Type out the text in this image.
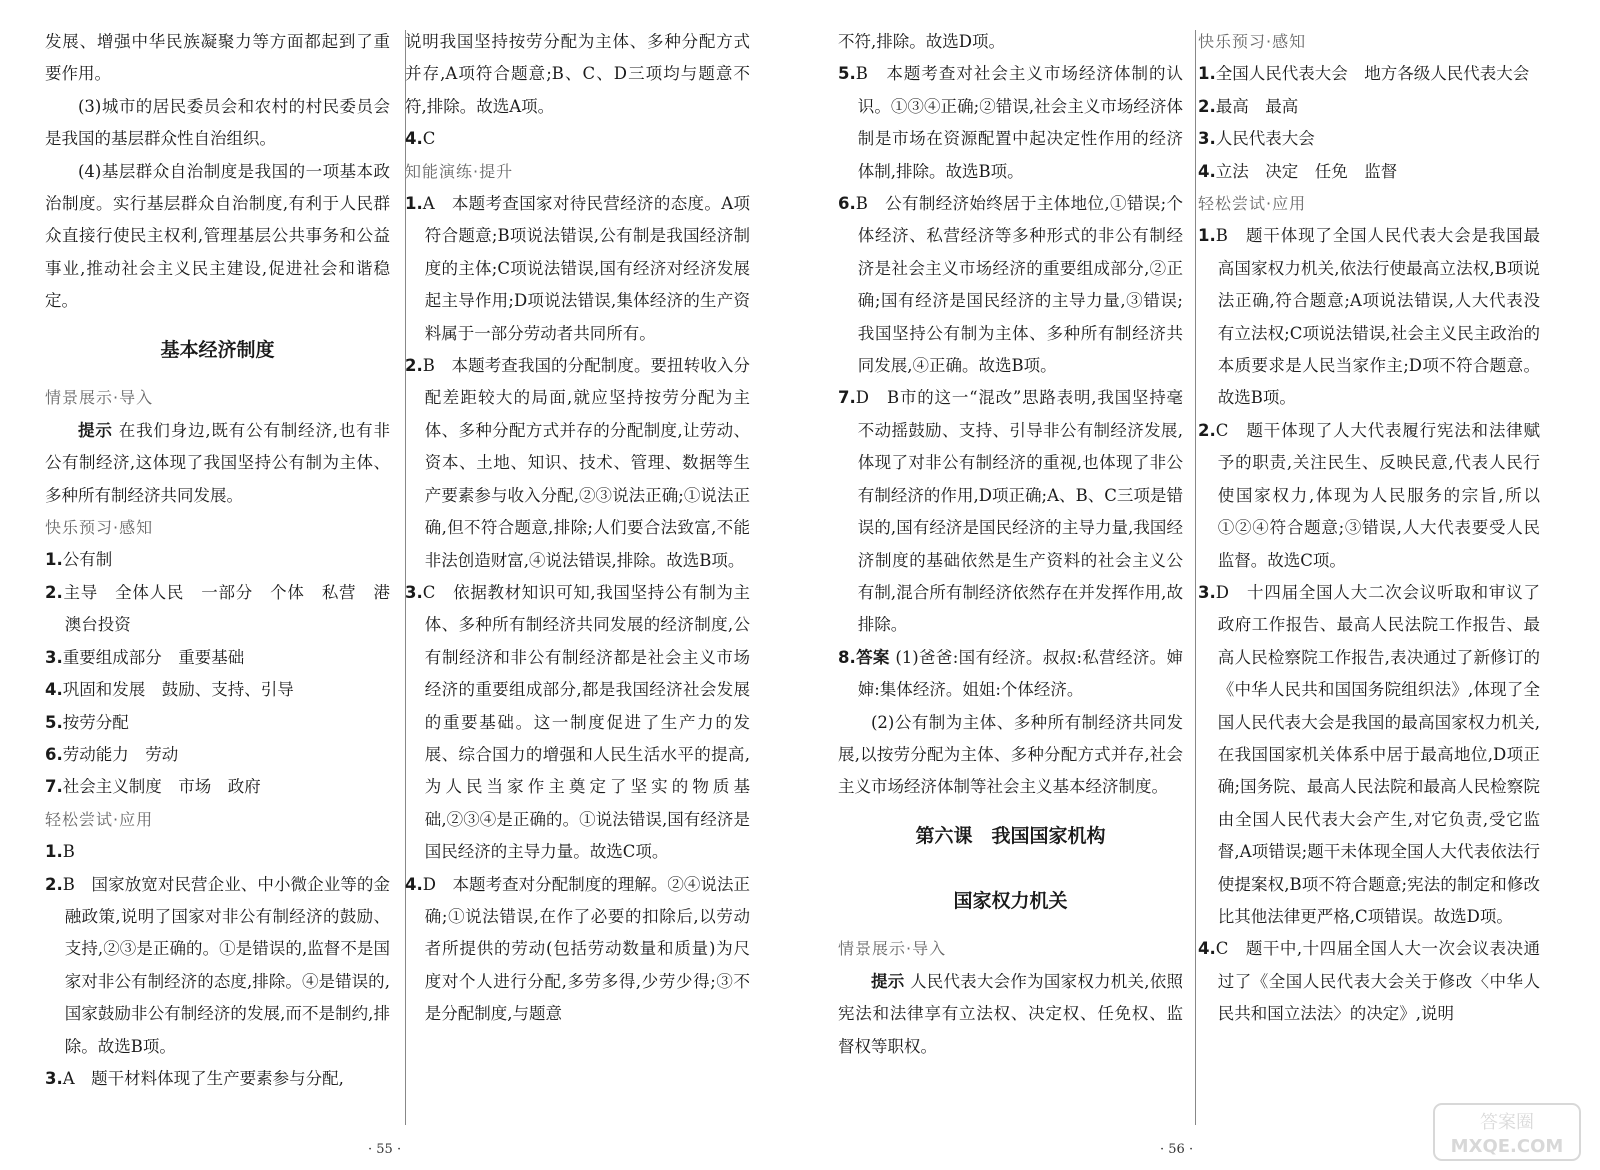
发展、增强中华民族凝聚力等方面都起到了重要作用。

(3)城市的居民委员会和农村的村民委员会是我国的基层群众性自治组织。

(4)基层群众自治制度是我国的一项基本政治制度。实行基层群众自治制度,有利于人民群众直接行使民主权利,管理基层公共事务和公益事业,推动社会主义民主建设,促进社会和谐稳定。

基本经济制度
情景展示·导入

提示 在我们身边,既有公有制经济,也有非公有制经济,这体现了我国坚持公有制为主体、多种所有制经济共同发展。

快乐预习·感知

1.公有制

2.主导　全体人民　一部分　个体　私营　港澳台投资

3.重要组成部分　重要基础

4.巩固和发展　鼓励、支持、引导

5.按劳分配

6.劳动能力　劳动

7.社会主义制度　市场　政府

轻松尝试·应用

1.B

2.B　国家放宽对民营企业、中小微企业等的金融政策,说明了国家对非公有制经济的鼓励、支持,②③是正确的。①是错误的,监督不是国家对非公有制经济的态度,排除。④是错误的,国家鼓励非公有制经济的发展,而不是制约,排除。故选B项。

3.A　题干材料体现了生产要素参与分配,

说明我国坚持按劳分配为主体、多种分配方式并存,A项符合题意;B、C、D三项均与题意不符,排除。故选A项。

4.C

知能演练·提升

1.A　本题考查国家对待民营经济的态度。A项符合题意;B项说法错误,公有制是我国经济制度的主体;C项说法错误,国有经济对经济发展起主导作用;D项说法错误,集体经济的生产资料属于一部分劳动者共同所有。

2.B　本题考查我国的分配制度。要扭转收入分配差距较大的局面,就应坚持按劳分配为主体、多种分配方式并存的分配制度,让劳动、资本、土地、知识、技术、管理、数据等生产要素参与收入分配,②③说法正确;①说法正确,但不符合题意,排除;人们要合法致富,不能非法创造财富,④说法错误,排除。故选B项。

3.C　依据教材知识可知,我国坚持公有制为主体、多种所有制经济共同发展的经济制度,公有制经济和非公有制经济都是社会主义市场经济的重要组成部分,都是我国经济社会发展的重要基础。这一制度促进了生产力的发展、综合国力的增强和人民生活水平的提高,为人民当家作主奠定了坚实的物质基础,②③④是正确的。①说法错误,国有经济是国民经济的主导力量。故选C项。

4.D　本题考查对分配制度的理解。②④说法正确;①说法错误,在作了必要的扣除后,以劳动者所提供的劳动(包括劳动数量和质量)为尺度对个人进行分配,多劳多得,少劳少得;③不是分配制度,与题意

· 55 ·

不符,排除。故选D项。

5.B　本题考查对社会主义市场经济体制的认识。①③④正确;②错误,社会主义市场经济体制是市场在资源配置中起决定性作用的经济体制,排除。故选B项。

6.B　公有制经济始终居于主体地位,①错误;个体经济、私营经济等多种形式的非公有制经济是社会主义市场经济的重要组成部分,②正确;国有经济是国民经济的主导力量,③错误;我国坚持公有制为主体、多种所有制经济共同发展,④正确。故选B项。

7.D　B市的这一“混改”思路表明,我国坚持毫不动摇鼓励、支持、引导非公有制经济发展,体现了对非公有制经济的重视,也体现了非公有制经济的作用,D项正确;A、B、C三项是错误的,国有经济是国民经济的主导力量,我国经济制度的基础依然是生产资料的社会主义公有制,混合所有制经济依然存在并发挥作用,故排除。

8.答案 (1)爸爸:国有经济。叔叔:私营经济。婶婶:集体经济。姐姐:个体经济。

(2)公有制为主体、多种所有制经济共同发展,以按劳分配为主体、多种分配方式并存,社会主义市场经济体制等社会主义基本经济制度。

第六课　我国国家机构
国家权力机关
情景展示·导入

提示 人民代表大会作为国家权力机关,依照宪法和法律享有立法权、决定权、任免权、监督权等职权。

快乐预习·感知

1.全国人民代表大会　地方各级人民代表大会

2.最高　最高

3.人民代表大会

4.立法　决定　任免　监督

轻松尝试·应用

1.B　题干体现了全国人民代表大会是我国最高国家权力机关,依法行使最高立法权,B项说法正确,符合题意;A项说法错误,人大代表没有立法权;C项说法错误,社会主义民主政治的本质要求是人民当家作主;D项不符合题意。故选B项。

2.C　题干体现了人大代表履行宪法和法律赋予的职责,关注民生、反映民意,代表人民行使国家权力,体现为人民服务的宗旨,所以①②④符合题意;③错误,人大代表要受人民监督。故选C项。

3.D　十四届全国人大二次会议听取和审议了政府工作报告、最高人民法院工作报告、最高人民检察院工作报告,表决通过了新修订的《中华人民共和国国务院组织法》,体现了全国人民代表大会是我国的最高国家权力机关,在我国国家机关体系中居于最高地位,D项正确;国务院、最高人民法院和最高人民检察院由全国人民代表大会产生,对它负责,受它监督,A项错误;题干未体现全国人大代表依法行使提案权,B项不符合题意;宪法的制定和修改比其他法律更严格,C项错误。故选D项。

4.C　题干中,十四届全国人大一次会议表决通过了《全国人民代表大会关于修改〈中华人民共和国立法法〉的决定》,说明

· 56 ·
答案圈
MXQE.COM
